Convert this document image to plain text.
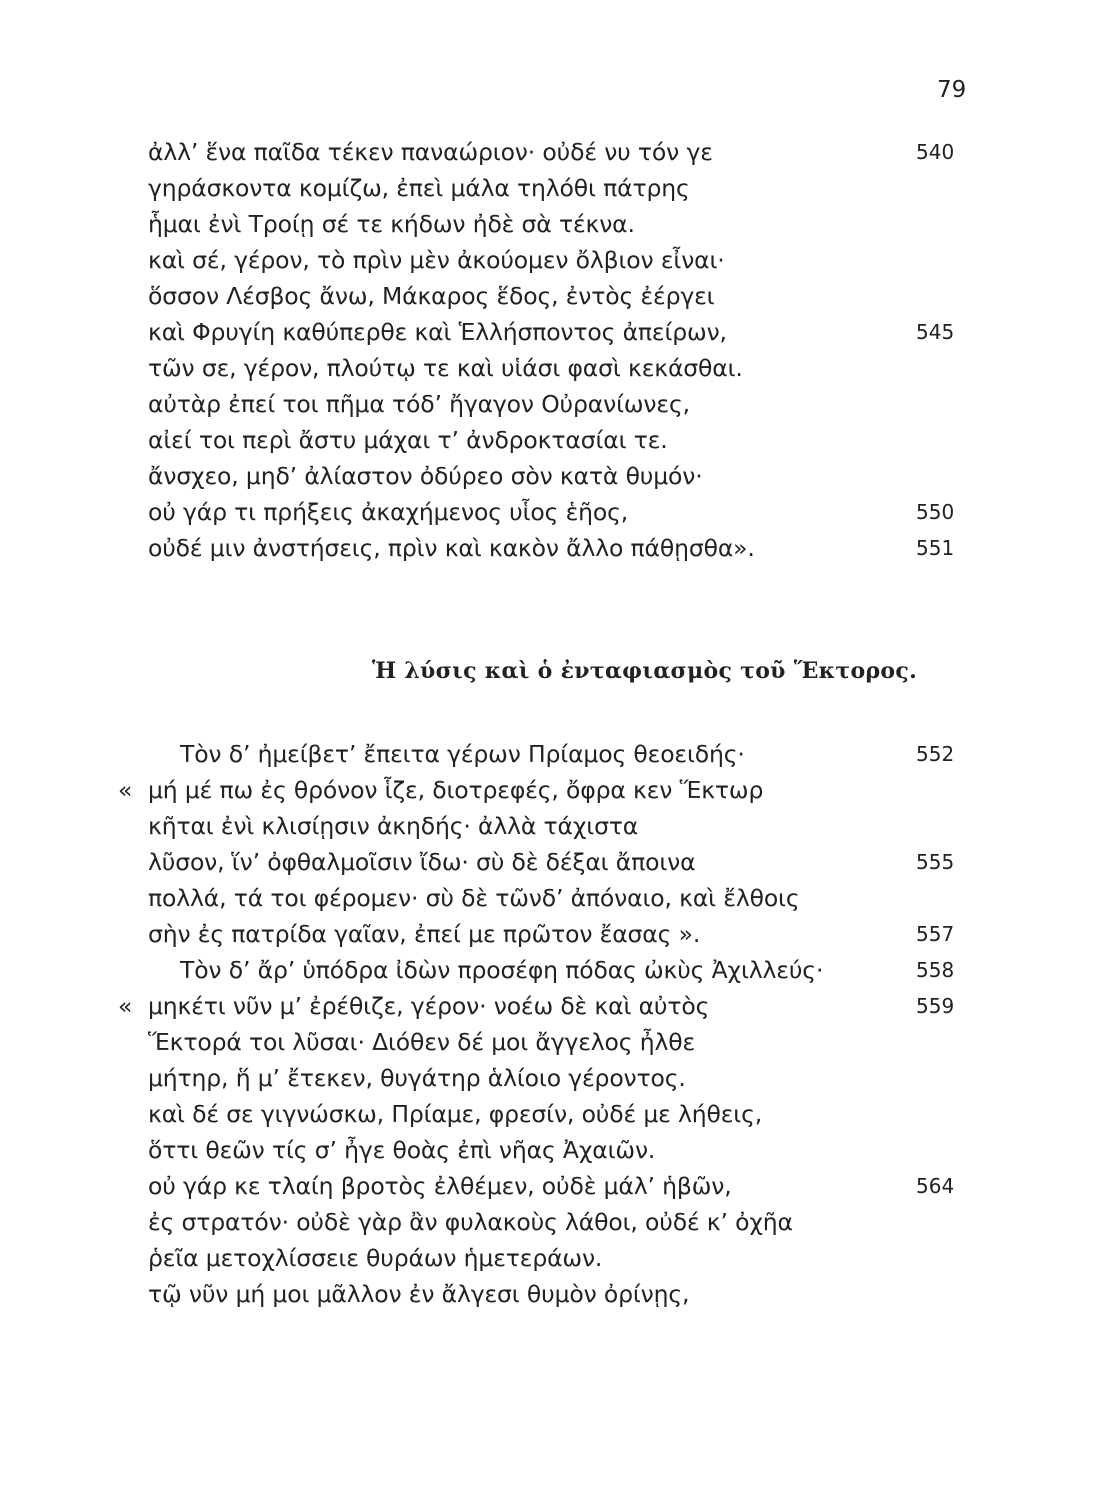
79
ἀλλ’ ἕνα παῖδα τέκεν παναώριον· οὐδέ νυ τόν γε
γηράσκοντα κομίζω, ἐπεὶ μάλα τηλόθι πάτρης
ἧμαι ἐνὶ Τροίῃ σέ τε κήδων ἠδὲ σὰ τέκνα.
καὶ σέ, γέρον, τὸ πρὶν μὲν ἀκούομεν ὄλβιον εἶναι·
ὅσσον Λέσβος ἄνω, Μάκαρος ἕδος, ἐντὸς ἐέργει
καὶ Φρυγίη καθύπερθε καὶ Ἑλλήσποντος ἀπείρων,
τῶν σε, γέρον, πλούτῳ τε καὶ υἱάσι φασὶ κεκάσθαι.
αὐτὰρ ἐπεί τοι πῆμα τόδ’ ἤγαγον Οὐρανίωνες,
αἰεί τοι περὶ ἄστυ μάχαι τ’ ἀνδροκτασίαι τε.
ἄνσχεο, μηδ’ ἀλίαστον ὀδύρεο σὸν κατὰ θυμόν·
οὐ γάρ τι πρήξεις ἀκαχήμενος υἷος ἑῆος,
οὐδέ μιν ἀνστήσεις, πρὶν καὶ κακὸν ἄλλο πάθῃσθα».
540
545
550
551
Ἡ λύσις καὶ ὁ ἐνταφιασμὸς τοῦ Ἕκτορος.
Τὸν δ’ ἠμείβετ’ ἔπειτα γέρων Πρίαμος θεοειδής·
« μή μέ πω ἐς θρόνον ἷζε, διοτρεφές, ὄφρα κεν Ἕκτωρ
κῆται ἐνὶ κλισίῃσιν ἀκηδής· ἀλλὰ τάχιστα
λῦσον, ἵν’ ὀφθαλμοῖσιν ἴδω· σὺ δὲ δέξαι ἄποινα
πολλά, τά τοι φέρομεν· σὺ δὲ τῶνδ’ ἀπόναιο, καὶ ἔλθοις
σὴν ἐς πατρίδα γαῖαν, ἐπεί με πρῶτον ἔασας ».
Τὸν δ’ ἄρ’ ὑπόδρα ἰδὼν προσέφη πόδας ὠκὺς Ἀχιλλεύς·
« μηκέτι νῦν μ’ ἐρέθιζε, γέρον· νοέω δὲ καὶ αὐτὸς
Ἕκτορά τοι λῦσαι· Διόθεν δέ μοι ἄγγελος ἦλθε
μήτηρ, ἥ μ’ ἔτεκεν, θυγάτηρ ἁλίοιο γέροντος.
καὶ δέ σε γιγνώσκω, Πρίαμε, φρεσίν, οὐδέ με λήθεις,
ὅττι θεῶν τίς σ’ ἦγε θοὰς ἐπὶ νῆας Ἀχαιῶν.
οὐ γάρ κε τλαίη βροτὸς ἐλθέμεν, οὐδὲ μάλ’ ἡβῶν,
ἐς στρατόν· οὐδὲ γὰρ ἂν φυλακοὺς λάθοι, οὐδέ κ’ ὀχῆα
ῥεῖα μετοχλίσσειε θυράων ἡμετεράων.
τῷ νῦν μή μοι μᾶλλον ἐν ἄλγεσι θυμὸν ὀρίνῃς,
552
555
557
558
559
564
